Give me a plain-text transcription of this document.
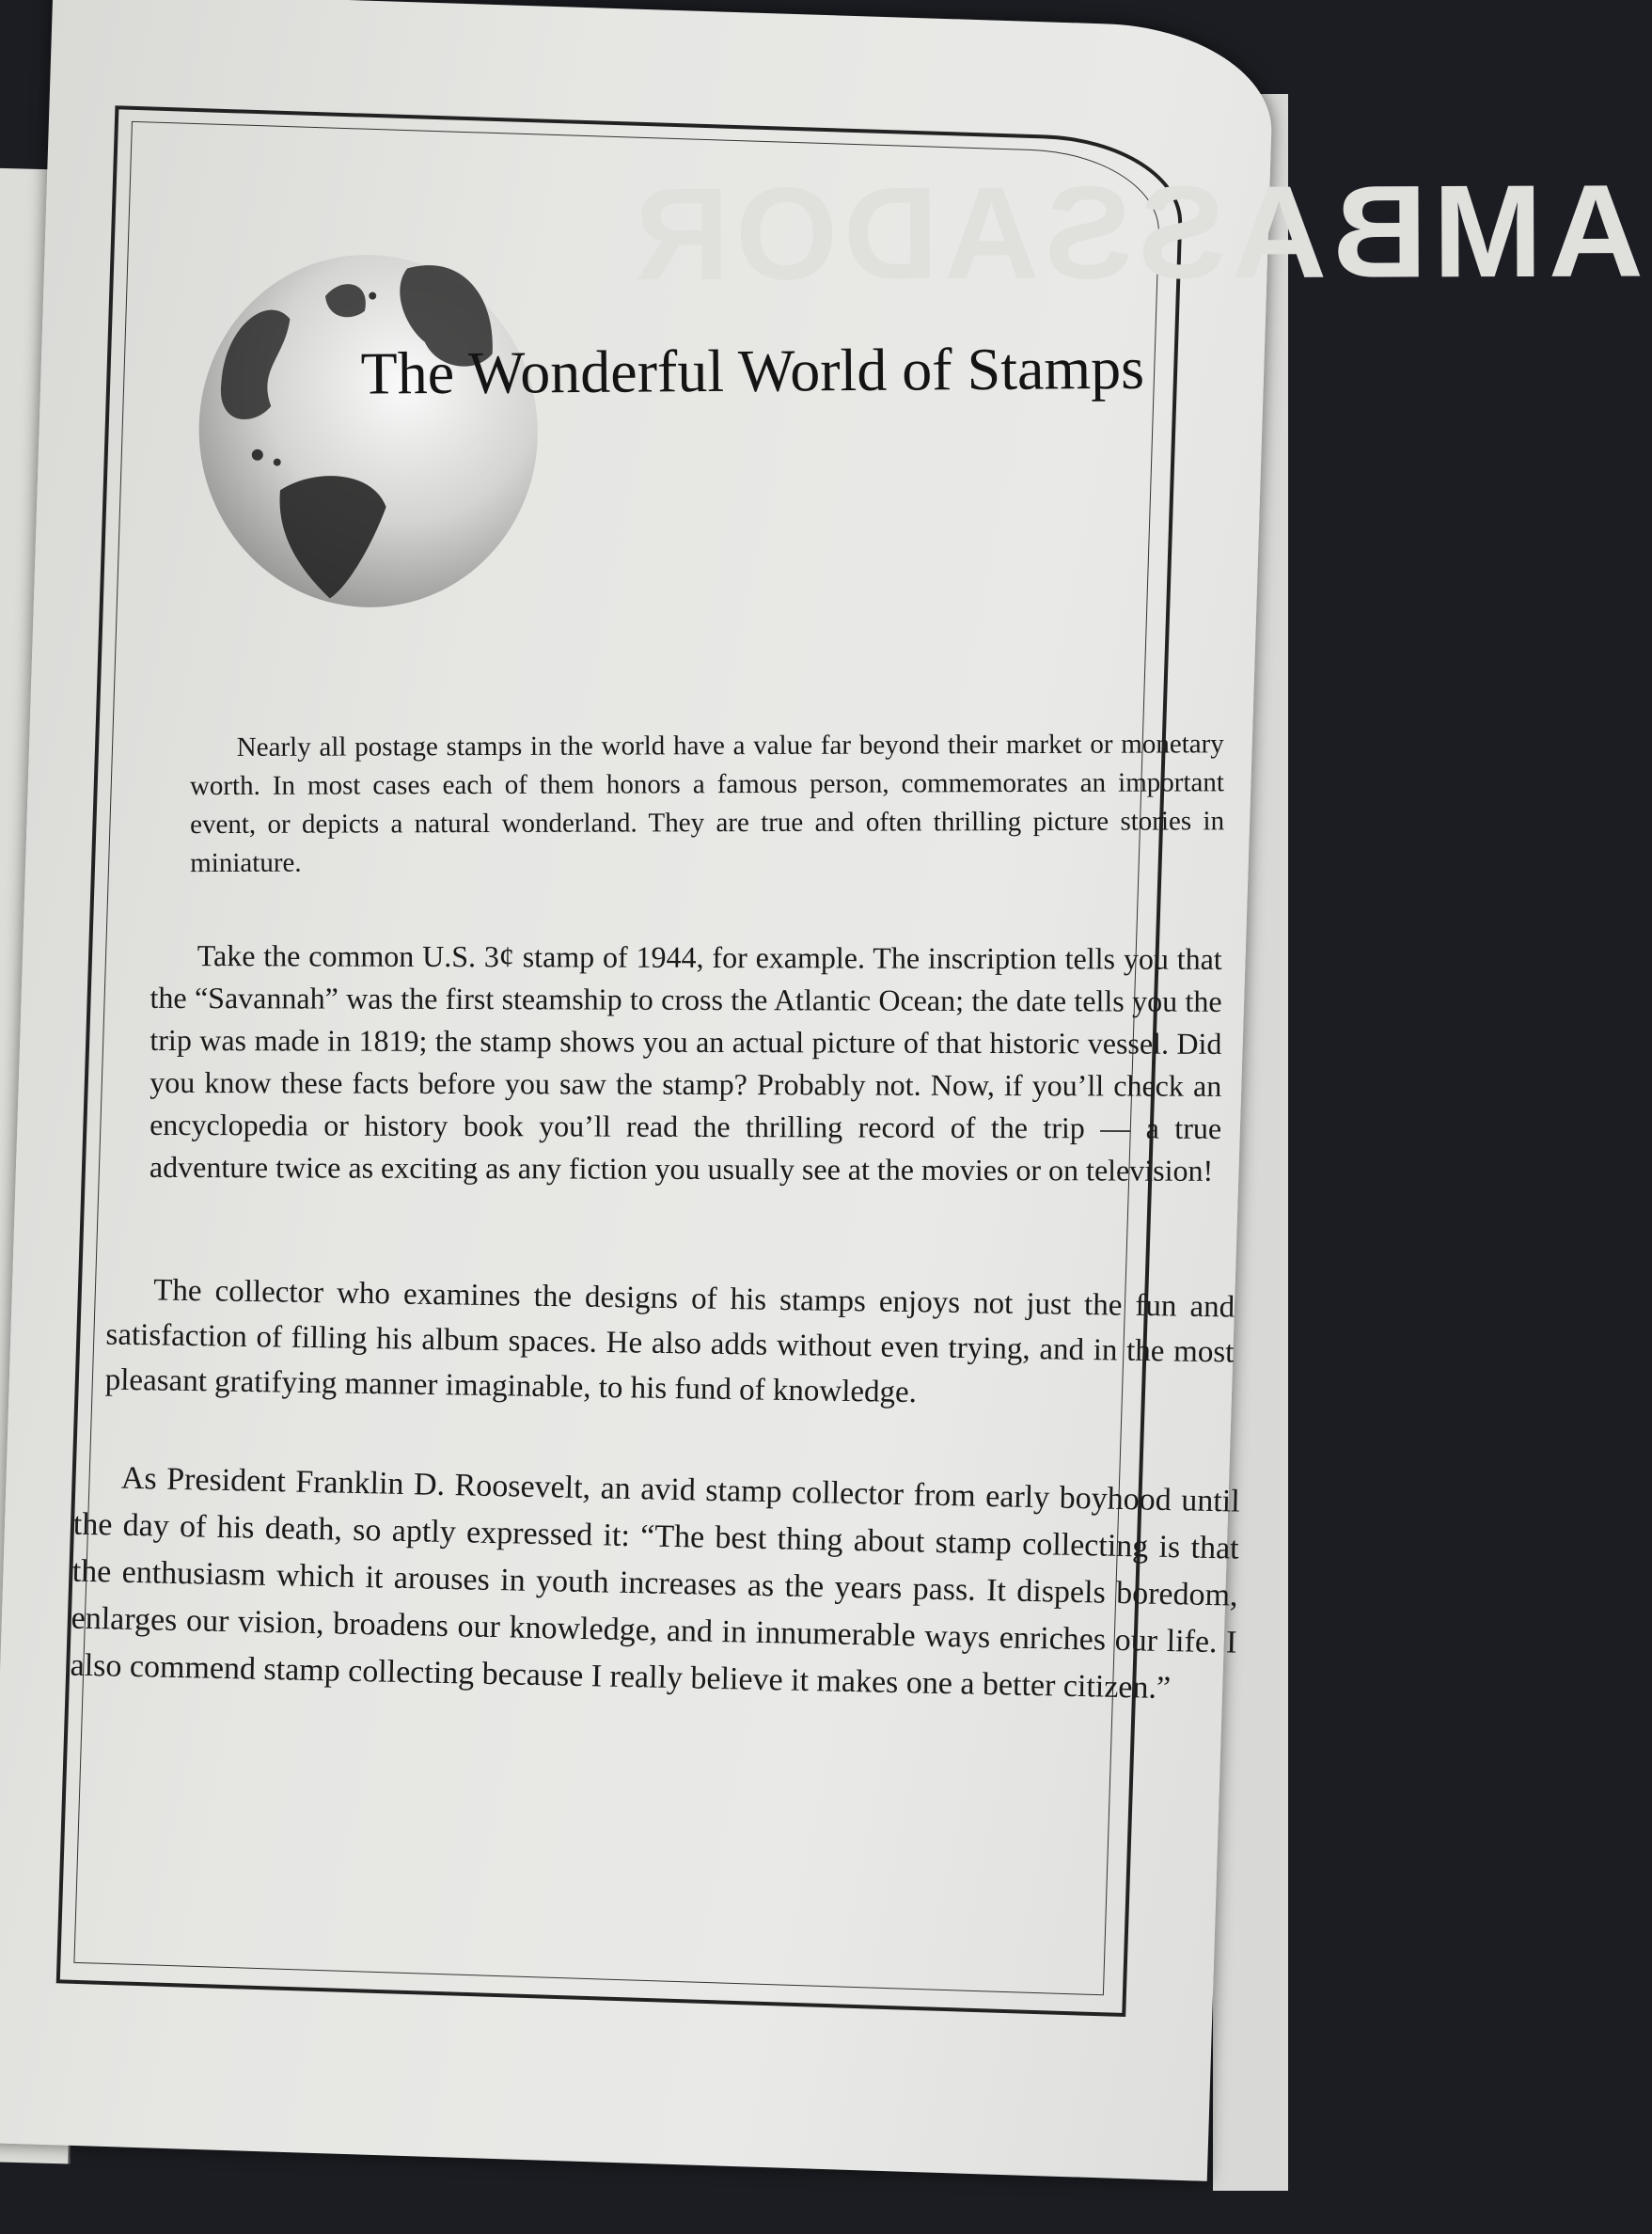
AMBASSADOR
The Wonderful World of Stamps

Nearly all postage stamps in the world have a value far beyond their market or monetary worth. In most cases each of them honors a famous person, commemorates an important event, or depicts a natural wonderland. They are true and often thrilling picture stories in miniature.

Take the common U.S. 3¢ stamp of 1944, for example. The inscription tells you that the “Savannah” was the first steamship to cross the Atlantic Ocean; the date tells you the trip was made in 1819; the stamp shows you an actual picture of that historic vessel. Did you know these facts before you saw the stamp? Probably not. Now, if you’ll check an encyclopedia or history book you’ll read the thrilling record of the trip — a true adventure twice as exciting as any fiction you usually see at the movies or on television!

The collector who examines the designs of his stamps enjoys not just the fun and satisfaction of filling his album spaces. He also adds without even trying, and in the most pleasant gratifying manner imaginable, to his fund of knowledge.

As President Franklin D. Roosevelt, an avid stamp collector from early boyhood until the day of his death, so aptly expressed it: “The best thing about stamp collecting is that the enthusiasm which it arouses in youth increases as the years pass. It dispels boredom, enlarges our vision, broadens our knowledge, and in innumerable ways enriches our life. I also commend stamp collecting because I really believe it makes one a better citizen.”
